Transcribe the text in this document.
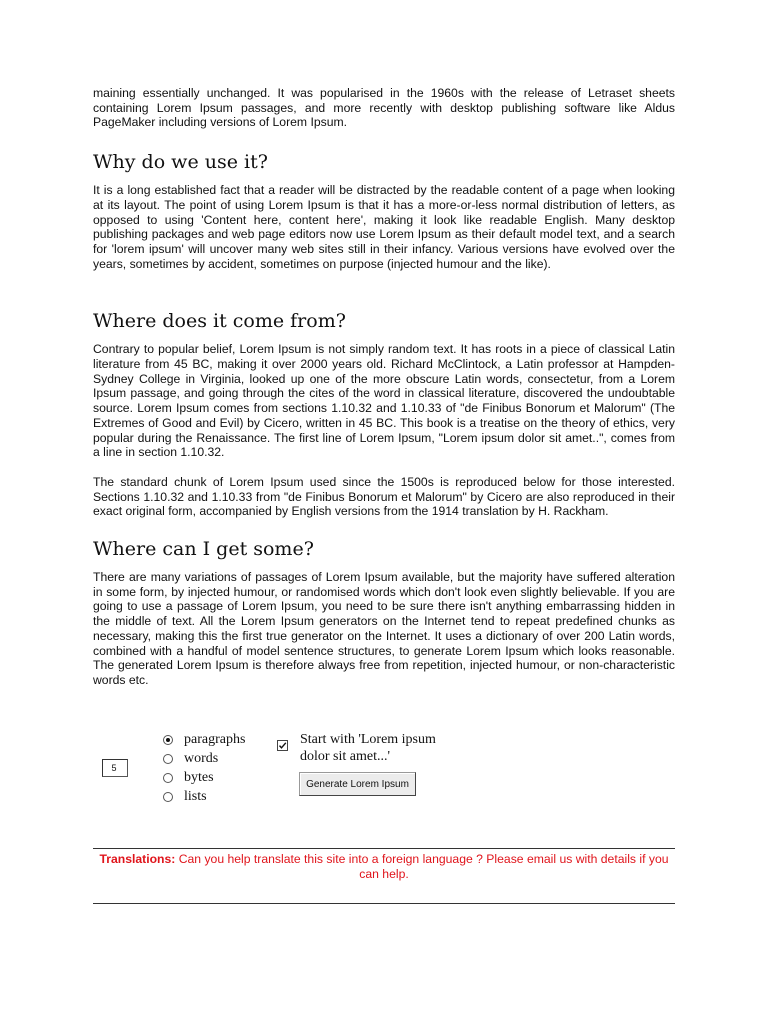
maining essentially unchanged. It was popularised in the 1960s with the release of Letraset sheets containing Lorem Ipsum passages, and more recently with desktop publishing software like Aldus PageMaker including versions of Lorem Ipsum.

Why do we use it?

It is a long established fact that a reader will be distracted by the readable content of a page when looking at its layout. The point of using Lorem Ipsum is that it has a more-or-less normal distribution of letters, as opposed to using 'Content here, content here', making it look like readable English. Many desktop publishing packages and web page editors now use Lorem Ipsum as their default model text, and a search for 'lorem ipsum' will uncover many web sites still in their infancy. Various versions have evolved over the years, sometimes by accident, sometimes on purpose (injected humour and the like).

Where does it come from?

Contrary to popular belief, Lorem Ipsum is not simply random text. It has roots in a piece of classical Latin literature from 45 BC, making it over 2000 years old. Richard McClintock, a Latin professor at Hampden-Sydney College in Virginia, looked up one of the more obscure Latin words, consectetur, from a Lorem Ipsum passage, and going through the cites of the word in classical literature, discovered the undoubtable source. Lorem Ipsum comes from sections 1.10.32 and 1.10.33 of "de Finibus Bonorum et Malorum" (The Extremes of Good and Evil) by Cicero, written in 45 BC. This book is a treatise on the theory of ethics, very popular during the Renaissance. The first line of Lorem Ipsum, "Lorem ipsum dolor sit amet..", comes from a line in section 1.10.32.

The standard chunk of Lorem Ipsum used since the 1500s is reproduced below for those interested. Sections 1.10.32 and 1.10.33 from "de Finibus Bonorum et Malorum" by Cicero are also reproduced in their exact original form, accompanied by English versions from the 1914 translation by H. Rackham.

Where can I get some?

There are many variations of passages of Lorem Ipsum available, but the majority have suffered alteration in some form, by injected humour, or randomised words which don't look even slightly believable. If you are going to use a passage of Lorem Ipsum, you need to be sure there isn't anything embarrassing hidden in the middle of text. All the Lorem Ipsum generators on the Internet tend to repeat predefined chunks as necessary, making this the first true generator on the Internet. It uses a dictionary of over 200 Latin words, combined with a handful of model sentence structures, to generate Lorem Ipsum which looks reasonable. The generated Lorem Ipsum is therefore always free from repetition, injected humour, or non-characteristic words etc.

5
paragraphs
words
bytes
lists
Start with 'Lorem ipsum dolor sit amet...'
Generate Lorem Ipsum
Translations: Can you help translate this site into a foreign language ? Please email us with details if you can help.
